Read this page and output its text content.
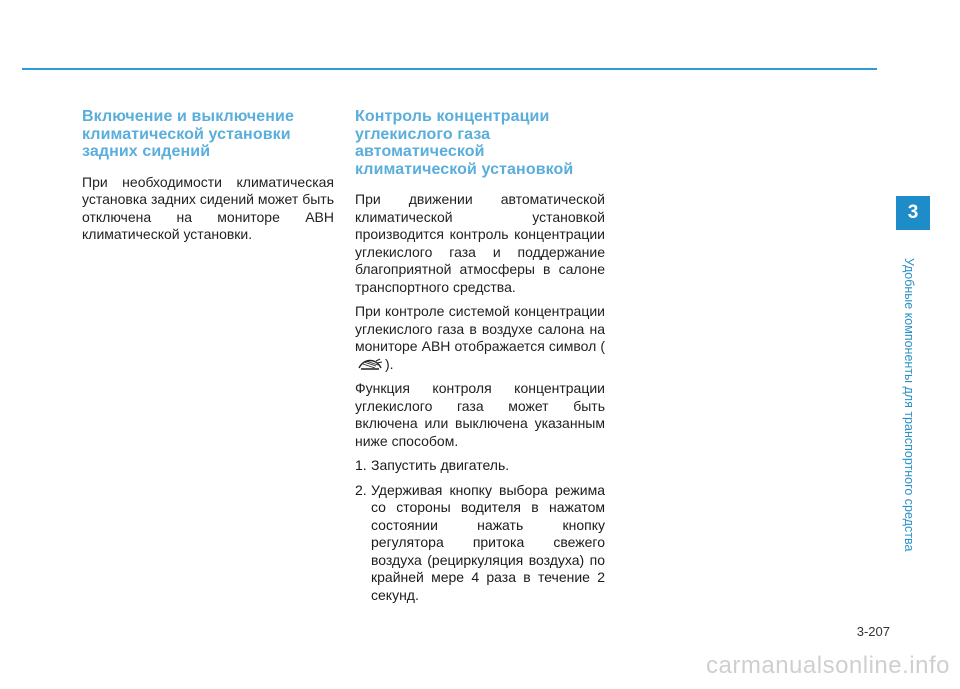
Включение и выключение климатической установки задних сидений

При необходимости климатическая установка задних сидений может быть отключена на мониторе АВН климатической установки.

Контроль концентрации углекислого газа автоматической климатической установкой

При движении автоматической климатической установкой производится контроль концентрации углекислого газа и поддержание благоприятной атмосферы в салоне транспортного средства.

При контроле системой концентрации углекислого газа в воздухе салона на мониторе АВН отображается символ ().

Функция контроля концентрации углекислого газа может быть включена или выключена указанным ниже способом.

1. Запустить двигатель.
2. Удерживая кнопку выбора режима со стороны водителя в нажатом состоянии нажать кнопку регулятора притока свежего воздуха (рециркуляция воздуха) по крайней мере 4 раза в течение 2 секунд.
3
Удобные компоненты для транспортного средства
3-207
carmanualsonline.info
